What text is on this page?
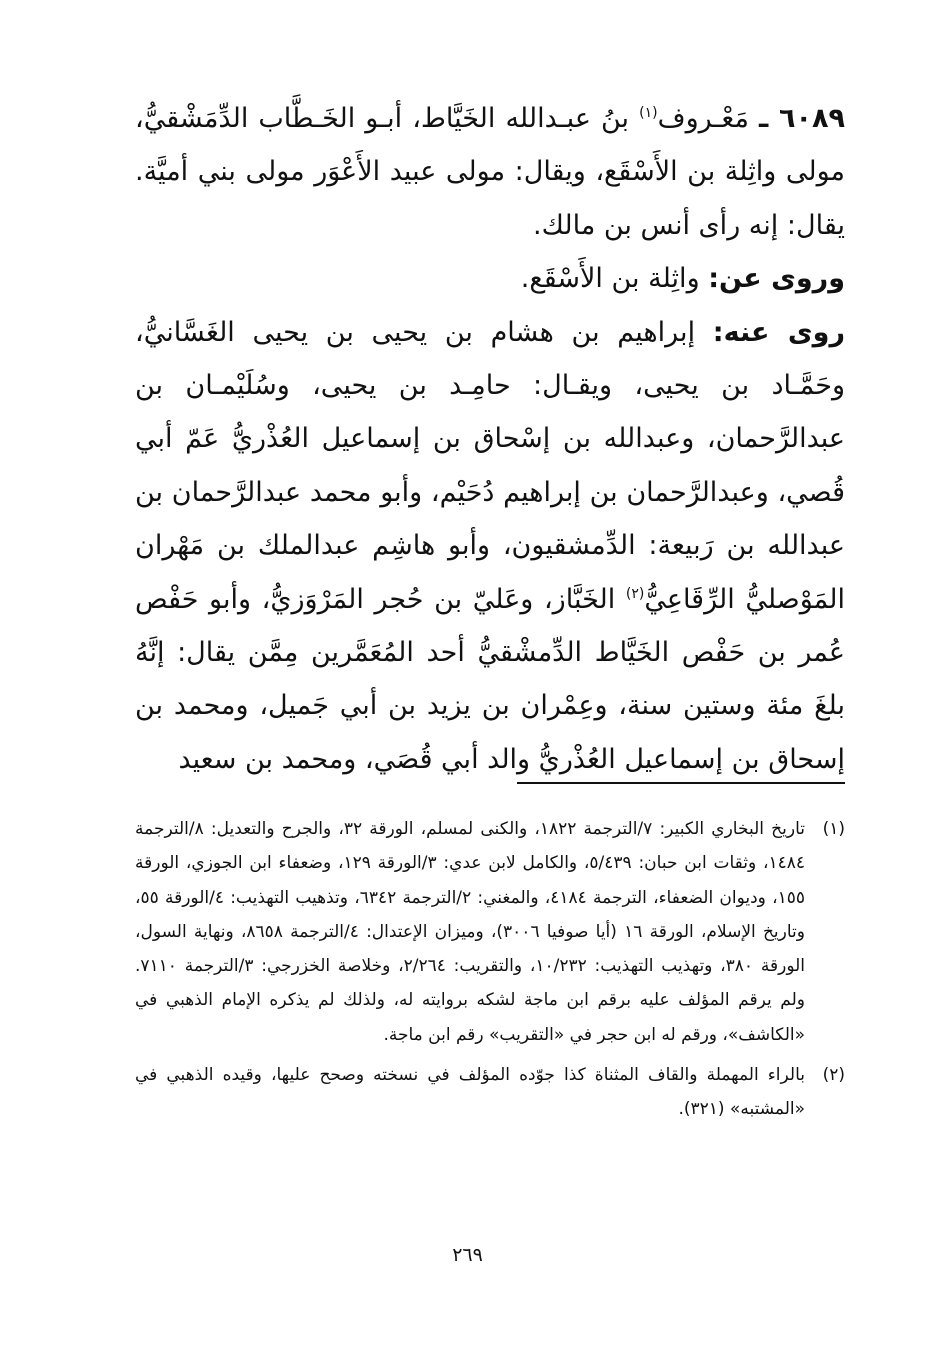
٦٠٨٩ ـ مَعْـروف$^{(١)}$ بنُ عبـدالله الخَيَّاط، أبـو الخَـطَّاب الدِّمَشْقيُّ، مولى واثِلة بن الأَسْقَع، ويقال: مولى عبيد الأَعْوَر مولى بني أميَّة. يقال: إنه رأى أنس بن مالك.

وروى عن: واثِلة بن الأَسْقَع.

روى عنه: إبراهيم بن هشام بن يحيى بن يحيى الغَسَّانيُّ، وحَمَّـاد بن يحيى، ويقـال: حامِـد بن يحيى، وسُلَيْمـان بن عبدالرَّحمان، وعبدالله بن إسْحاق بن إسماعيل العُذْريُّ عَمّ أبي قُصي، وعبدالرَّحمان بن إبراهيم دُحَيْم، وأبو محمد عبدالرَّحمان بن عبدالله بن رَبيعة: الدِّمشقيون، وأبو هاشِم عبدالملك بن مَهْران المَوْصليُّ الرِّقَاعِيُّ$^{(٢)}$ الخَبَّاز، وعَليّ بن حُجر المَرْوَزيُّ، وأبو حَفْص عُمر بن حَفْص الخَيَّاط الدِّمشْقيُّ أحد المُعَمَّرين مِمَّن يقال: إنَّهُ بلغَ مئة وستين سنة، وعِمْران بن يزيد بن أبي جَميل، ومحمد بن إسحاق بن إسماعيل العُذْريُّ والد أبي قُصَي، ومحمد بن سعيد

(١)
تاريخ البخاري الكبير: ٧/الترجمة ١٨٢٢، والكنى لمسلم، الورقة ٣٢، والجرح والتعديل: ٨/الترجمة ١٤٨٤، وثقات ابن حبان: ٥/٤٣٩، والكامل لابن عدي: ٣/الورقة ١٢٩، وضعفاء ابن الجوزي، الورقة ١٥٥، وديوان الضعفاء، الترجمة ٤١٨٤، والمغني: ٢/الترجمة ٦٣٤٢، وتذهيب التهذيب: ٤/الورقة ٥٥، وتاريخ الإسلام، الورقة ١٦ (أيا صوفيا ٣٠٠٦)، وميزان الإعتدال: ٤/الترجمة ٨٦٥٨، ونهاية السول، الورقة ٣٨٠، وتهذيب التهذيب: ١٠/٢٣٢، والتقريب: ٢/٢٦٤، وخلاصة الخزرجي: ٣/الترجمة ٧١١٠. ولم يرقم المؤلف عليه برقم ابن ماجة لشكه بروايته له، ولذلك لم يذكره الإمام الذهبي في «الكاشف»، ورقم له ابن حجر في «التقريب» رقم ابن ماجة.
(٢)
بالراء المهملة والقاف المثناة كذا جوّده المؤلف في نسخته وصحح عليها، وقيده الذهبي في «المشتبه» (٣٢١).
٢٦٩
